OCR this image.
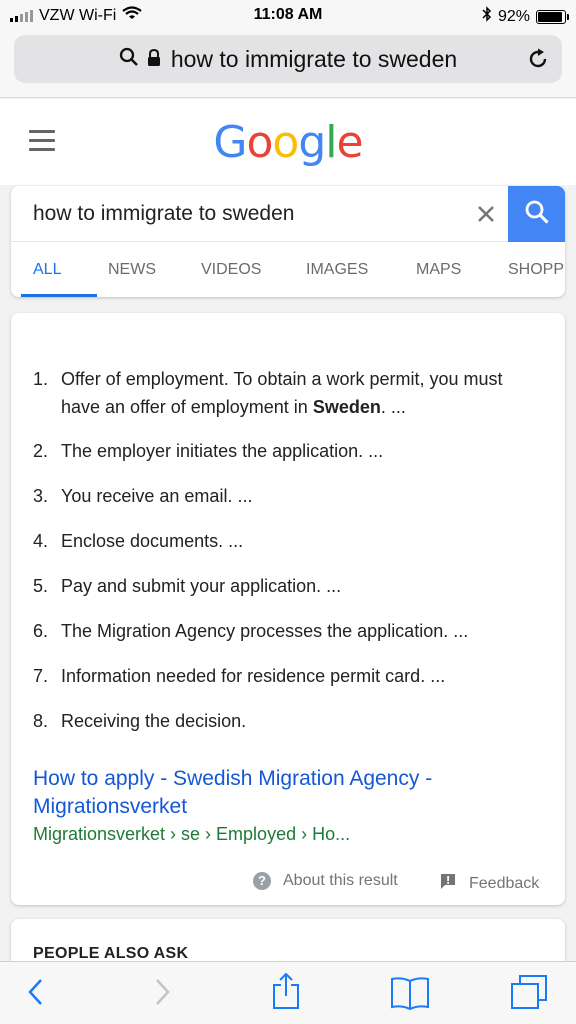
VZW Wi-Fi	11:08 AM	92%
how to immigrate to sweden
Google
how to immigrate to sweden
ALL	NEWS	VIDEOS	IMAGES	MAPS	SHOPP
1. Offer of employment. To obtain a work permit, you must have an offer of employment in Sweden. ...
2. The employer initiates the application. ...
3. You receive an email. ...
4. Enclose documents. ...
5. Pay and submit your application. ...
6. The Migration Agency processes the application. ...
7. Information needed for residence permit card. ...
8. Receiving the decision.
How to apply - Swedish Migration Agency - Migrationsverket
Migrationsverket › se › Employed › Ho...
?	About this result	Feedback
PEOPLE ALSO ASK
